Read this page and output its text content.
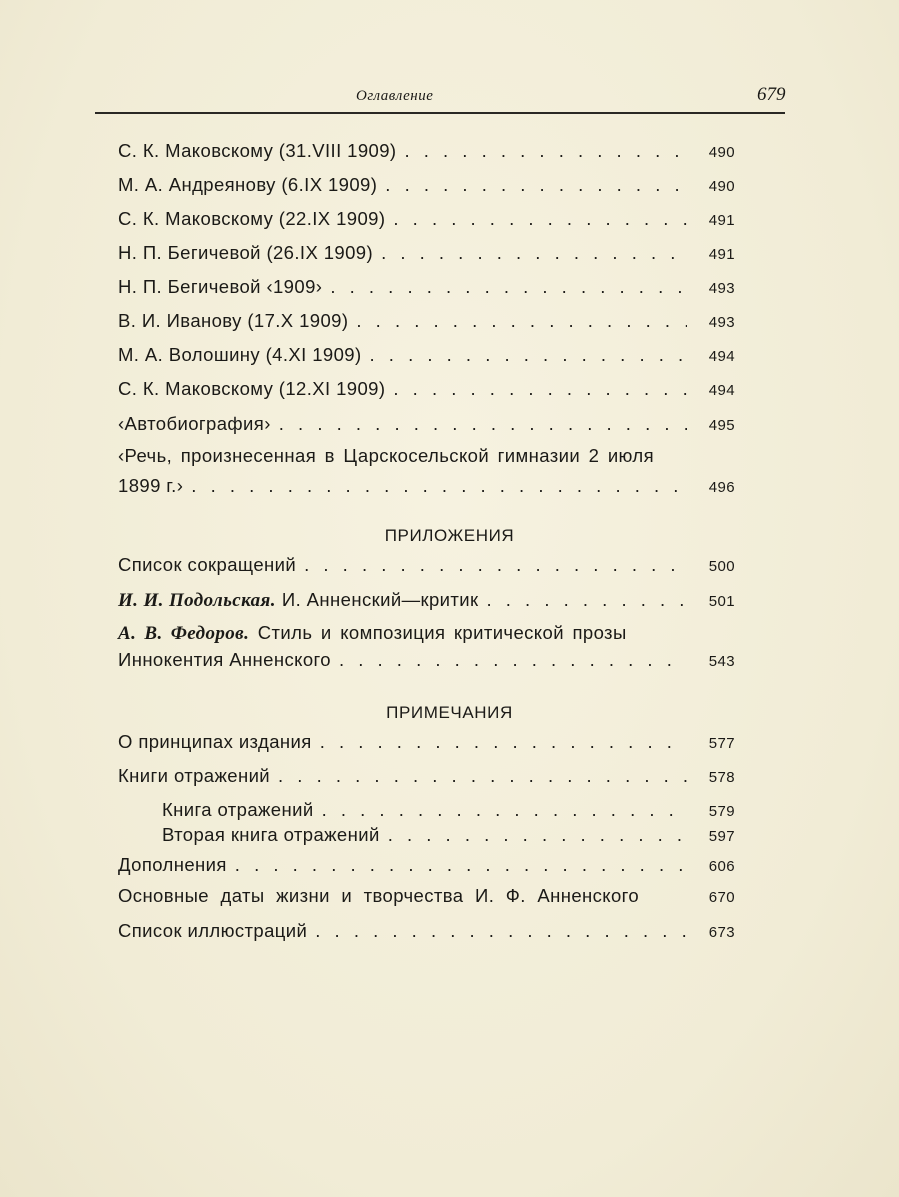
Оглавление	679
С. К. Маковскому (31.VIII 1909) . . .	490
М. А. Андреянову (6.IX 1909) . . .	490
С. К. Маковскому (22.IX 1909) . . .	491
Н. П. Бегичевой (26.IX 1909) . . .	491
Н. П. Бегичевой ‹1909› . . .	493
В. И. Иванову (17.X 1909) . . .	493
М. А. Волошину (4.XI 1909) . . .	494
С. К. Маковскому (12.XI 1909) . . .	494
‹Автобиография› . . .	495
‹Речь, произнесенная в Царскосельской гимназии 2 июля
1899 г.› . . .	496
ПРИЛОЖЕНИЯ
Список сокращений . . .	500
И. И. Подольская. И. Анненский—критик . . .	501
А. В. Федоров. Стиль и композиция критической прозы
Иннокентия Анненского . . .	543
ПРИМЕЧАНИЯ
О принципах издания . . .	577
Книги отражений . . .	578
Книга отражений . . .	579
Вторая книга отражений . . .	597
Дополнения . . .	606
Основные даты жизни и творчества И. Ф. Анненского	670
Список иллюстраций . . .	673
